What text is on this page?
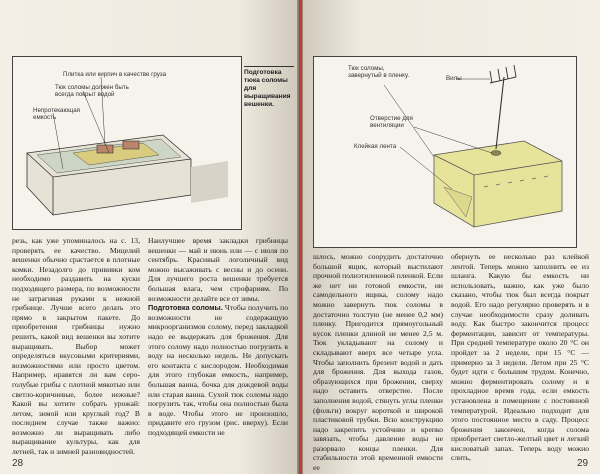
Плитка или кирпич в качестве груза
Тюк соломы должен быть всегда покрыт водой
Непротекающая емкость
Подготовка тюка соломы для выращивания вешенки.

резь, как уже упоминалось на с. 13, проверять ее качество. Мицелий вешенки обычно срастается в плотные комки. Незадолго до прививки ком необходимо раздавить на куски подходящего размера, по возможности не затрагивая руками к нежной грибнице. Лучше всего делать это прямо в закрытом пакете. До приобретения грибницы нужно решить, какой вид вешенки вы хотите выращивать. Выбор может определяться вкусовыми критериями, возможностями или просто цветом. Например, нравятся ли вам серо-голубые грибы с плотной мякотью или светло-коричневые, более нежные? Какой вы хотите собрать урожай: летом, зимой или круглый год? В последнем случае также важно: возможно ли выращивать либо выращивание культуры, как для летней, так и зимней разновидностей.

Наилучшее время закладки грибницы вешенки — май и июнь или — с июля по сентябрь. Красивый логоличный вид можно высаживать с весны и до осени. Для лучшего роста вешенки требуется большая влага, чем строфариям. По возможности делайте все от зимы.

Подготовка соломы. Чтобы получить по возможности не содержащую микроорганизмов солому, перед закладкой надо ее выдержать для брожения. Для этого солому надо полностью погрузить в воду на несколько недель. Не допускать его контакта с кислородом. Необходимая для этого глубокая емкость, например, большая ванна, бочка для дождевой воды или старая ванна. Сухой тюк соломы надо погрузить так, чтобы она полностью была в воде. Чтобы этого не произошло, придавите его грузом (рис. вверху). Если подходящей емкости не

28
Тюк соломы, завернутый в пленку.	Вилы
Отверстие для вентиляции
Клейкая лента

шлось, можно соорудить достаточно большой ящик, который выстилают прочной полиэтиленовой пленкой. Если же нет ни готовой емкости, ни самодельного ящика, солому надо можно завернуть тюк соломы в достаточно толстую (не менее 0,2 мм) пленку. Пригодится прямоугольный кусок пленки длиной не менее 2,5 м. Тюк укладывают на солому и складывают вверх все четыре угла. Чтобы заполнить брезент водой и дать для брожения. Для выхода газов, образующихся при брожении, сверху надо оставить отверстие. После заполнения водой, стянуть углы пленки (фольги) вокруг короткой и широкой пластиковой трубки. Всю конструкцию надо закрепить устойчиво и крепко завязать, чтобы давление воды не разорвало концы пленки. Для стабильности этой временной емкости ее

обернуть ее несколько раз клейкой лентой. Теперь можно заполнить ее из шланга. Какую бы емкость ни использовать, важно, как уже было сказано, чтобы тюк был всегда покрыт водой. Его надо регулярно проверять и в случае необходимости сразу доливать воду. Как быстро закончится процесс ферментации, зависит от температуры. При средней температуре около 20 °С он пройдет за 2 недели, при 15 °С — примерно за 3 недели. Летом при 25 °С будет идти с большим трудом. Конечно, можно ферментировать солому и в прохладное время года, если емкость установлена в помещении с постоянной температурой. Идеально подходит для этого постоянное место в саду. Процесс брожения закончен, когда солома приобретает светло-желтый цвет и легкий кисловатый запах. Теперь воду можно слить,

29
